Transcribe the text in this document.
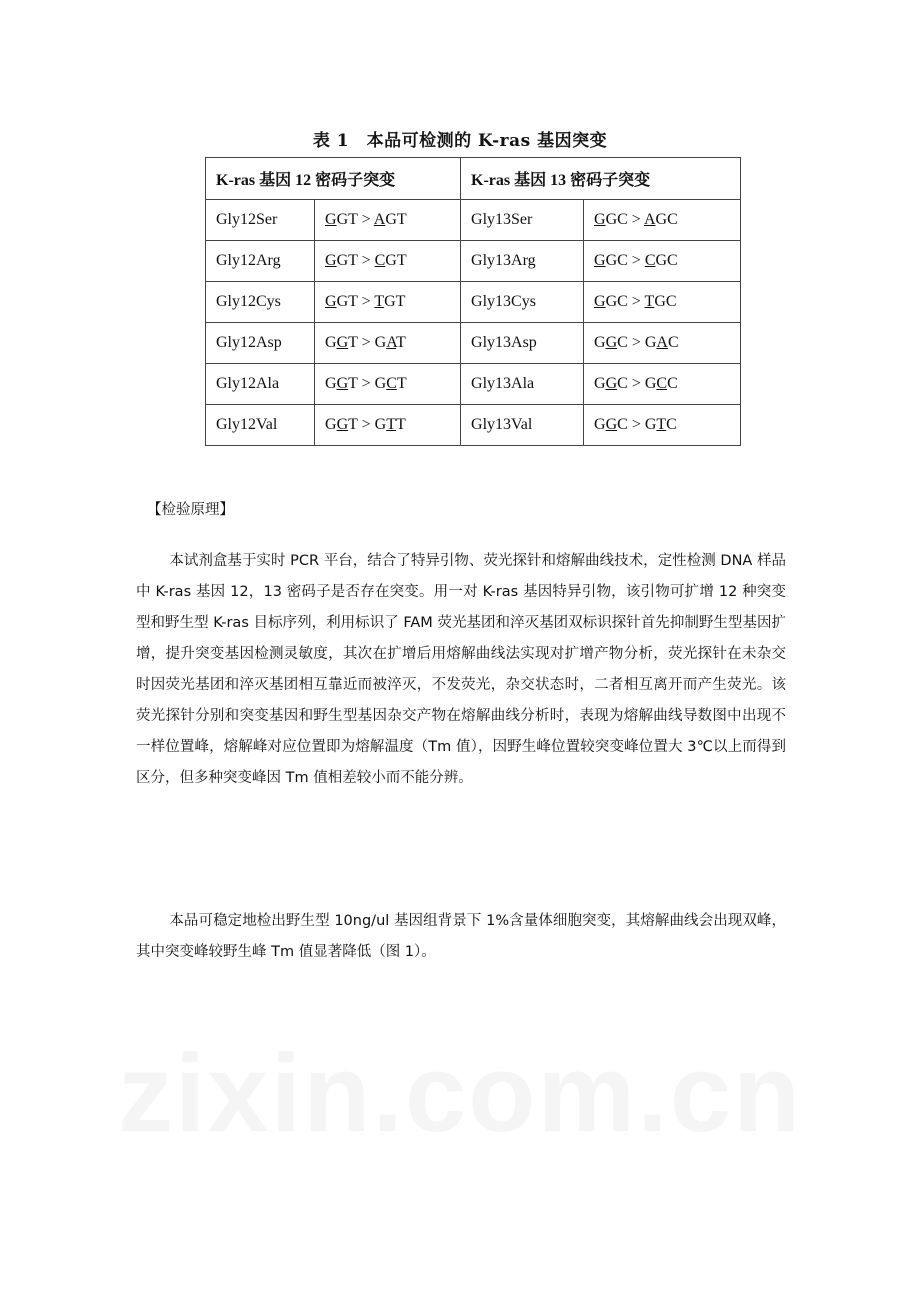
表 1　本品可检测的 K-ras 基因突变
K-ras 基因 12 密码子突变		K-ras 基因 13 密码子突变	
Gly12Ser	GGT > AGT	Gly13Ser	GGC > AGC
Gly12Arg	GGT > CGT	Gly13Arg	GGC > CGC
Gly12Cys	GGT > TGT	Gly13Cys	GGC > TGC
Gly12Asp	GGT > GAT	Gly13Asp	GGC > GAC
Gly12Ala	GGT > GCT	Gly13Ala	GGC > GCC
Gly12Val	GGT > GTT	Gly13Val	GGC > GTC
【检验原理】

本试剂盒基于实时 PCR 平台，结合了特异引物、荧光探针和熔解曲线技术，定性检测 DNA 样品中 K-ras 基因 12，13 密码子是否存在突变。用一对 K-ras 基因特异引物，该引物可扩增 12 种突变型和野生型 K-ras 目标序列，利用标识了 FAM 荧光基团和淬灭基团双标识探针首先抑制野生型基因扩增，提升突变基因检测灵敏度，其次在扩增后用熔解曲线法实现对扩增产物分析，荧光探针在未杂交时因荧光基团和淬灭基团相互靠近而被淬灭，不发荧光，杂交状态时，二者相互离开而产生荧光。该荧光探针分别和突变基因和野生型基因杂交产物在熔解曲线分析时，表现为熔解曲线导数图中出现不一样位置峰，熔解峰对应位置即为熔解温度（Tm 值），因野生峰位置较突变峰位置大 3℃以上而得到区分，但多种突变峰因 Tm 值相差较小而不能分辨。

本品可稳定地检出野生型 10ng/ul 基因组背景下 1%含量体细胞突变，其熔解曲线会出现双峰，其中突变峰较野生峰 Tm 值显著降低（图 1）。

zixin.com.cn
